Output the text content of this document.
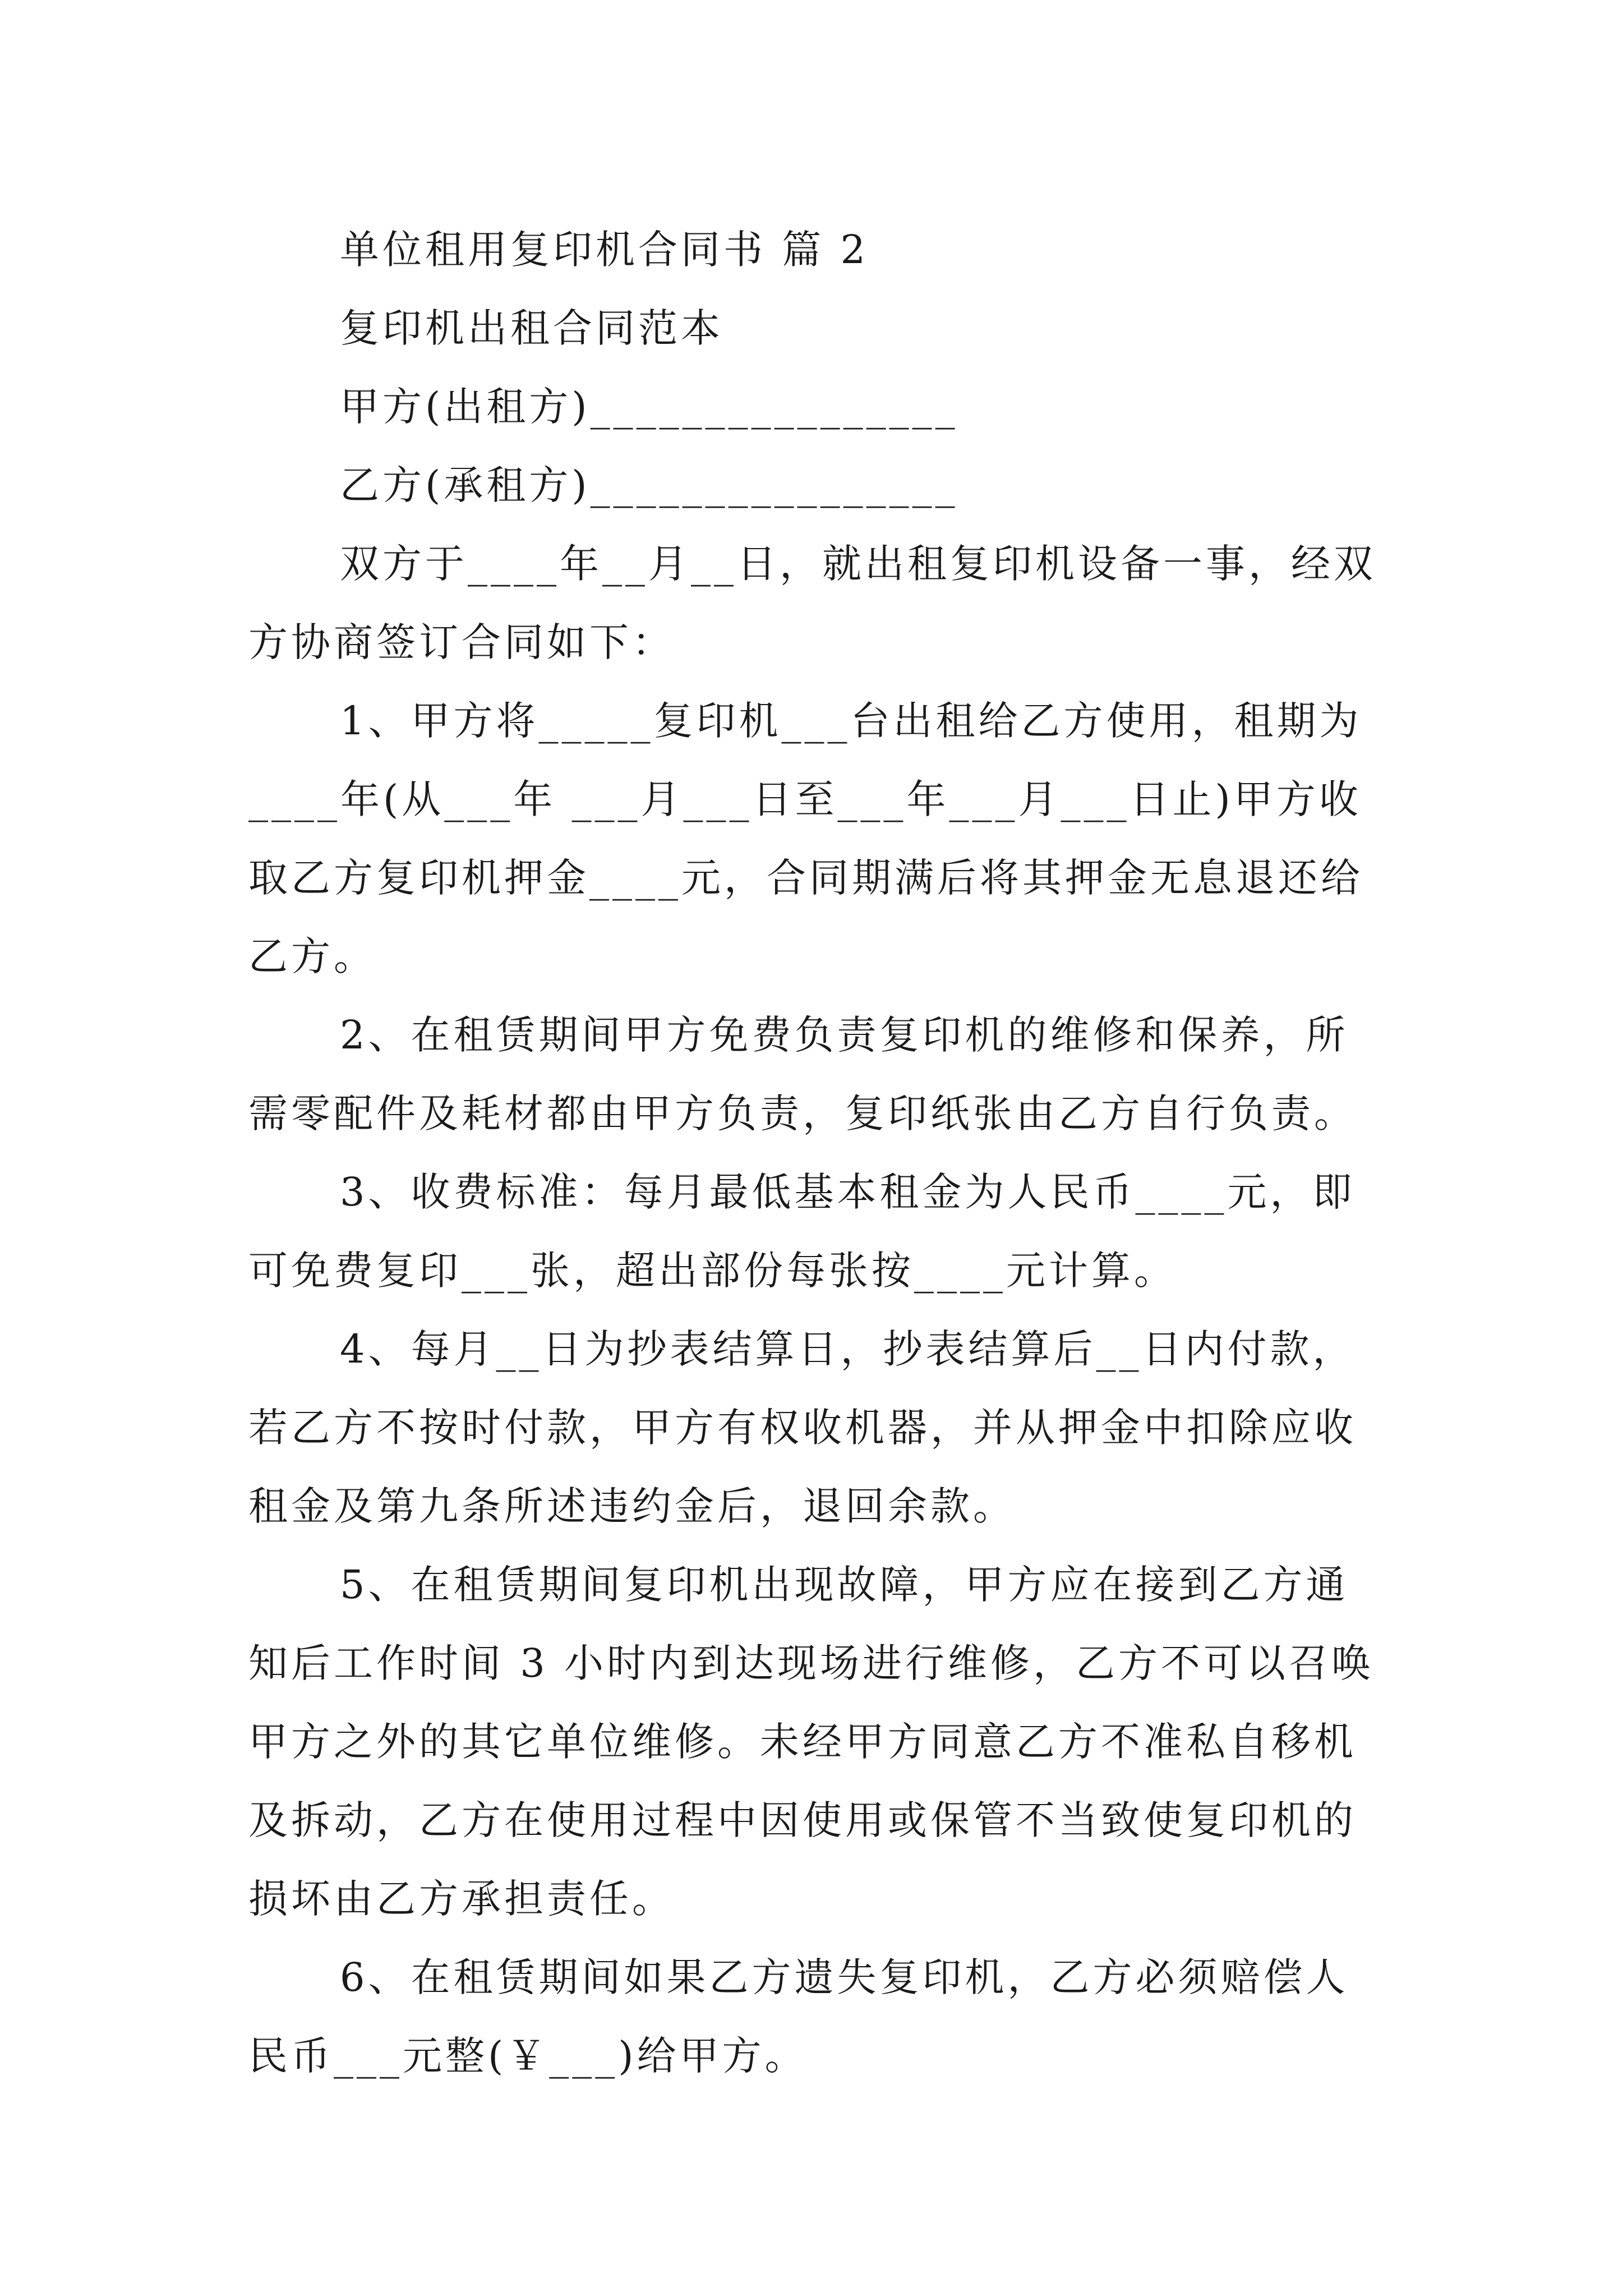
单位租用复印机合同书 篇 2
复印机出租合同范本
甲方(出租方)________________
乙方(承租方)________________
双方于____年__月__日，就出租复印机设备一事，经双
方协商签订合同如下：
1、甲方将_____复印机___台出租给乙方使用，租期为
____年(从___年 ___月___日至___年___月___日止)甲方收
取乙方复印机押金____元，合同期满后将其押金无息退还给
乙方。
2、在租赁期间甲方免费负责复印机的维修和保养，所
需零配件及耗材都由甲方负责，复印纸张由乙方自行负责。
3、收费标准：每月最低基本租金为人民币____元，即
可免费复印___张，超出部份每张按____元计算。
4、每月__日为抄表结算日，抄表结算后__日内付款，
若乙方不按时付款，甲方有权收机器，并从押金中扣除应收
租金及第九条所述违约金后，退回余款。
5、在租赁期间复印机出现故障，甲方应在接到乙方通
知后工作时间 3 小时内到达现场进行维修，乙方不可以召唤
甲方之外的其它单位维修。未经甲方同意乙方不准私自移机
及拆动，乙方在使用过程中因使用或保管不当致使复印机的
损坏由乙方承担责任。
6、在租赁期间如果乙方遗失复印机，乙方必须赔偿人
民币___元整(￥___)给甲方。
